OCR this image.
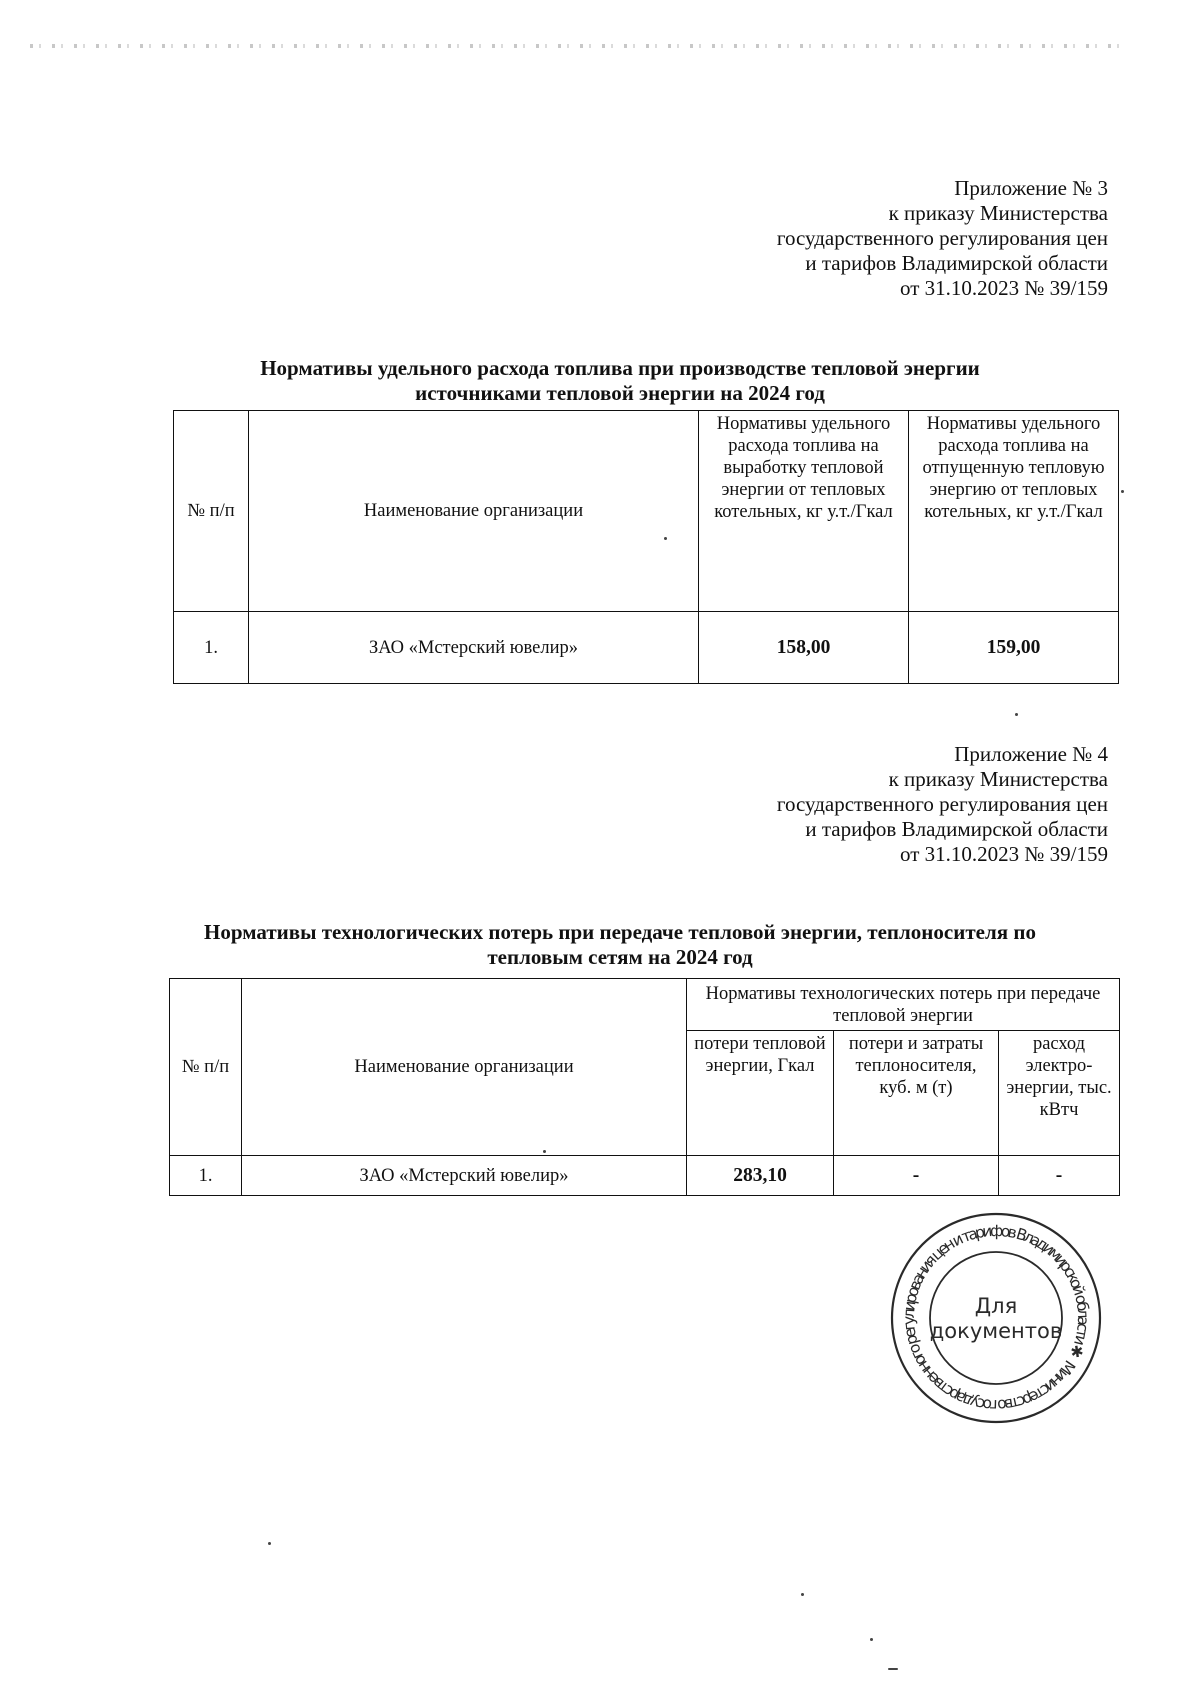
Приложение № 3
к приказу Министерства
государственного регулирования цен
и тарифов Владимирской области
от 31.10.2023 № 39/159
Нормативы удельного расхода топлива при производстве тепловой энергии
источниками тепловой энергии на 2024 год
№ п/п	Наименование организации	Нормативы удельного расхода топлива на выработку тепловой энергии от тепловых котельных, кг у.т./Гкал	Нормативы удельного расхода топлива на отпущенную тепловую энергию от тепловых котельных, кг у.т./Гкал
1.	ЗАО «Мстерский ювелир»	158,00	159,00
Приложение № 4
к приказу Министерства
государственного регулирования цен
и тарифов Владимирской области
от 31.10.2023 № 39/159
Нормативы технологических потерь при передаче тепловой энергии, теплоносителя по
тепловым сетям на 2024 год
№ п/п	Наименование организации	Нормативы технологических потерь при передаче тепловой энергии		
		потери тепловой энергии, Гкал	потери и затраты теплоносителя, куб. м (т)	расход электро-энергии, тыс. кВтч
1.	ЗАО «Мстерский ювелир»	283,10	-	-
Министерство государственного регулирования цен и тарифов Владимирской области ✱
Для
документов
